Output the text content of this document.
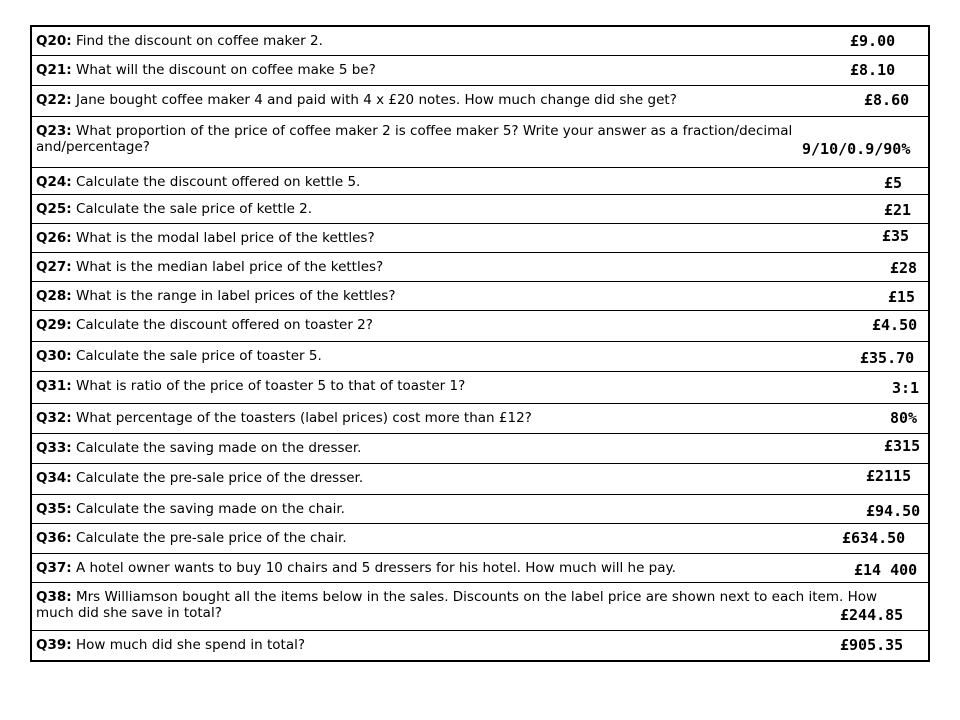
Q20: Find the discount on coffee maker 2.	£9.00
Q21: What will the discount on coffee make 5 be?	£8.10
Q22: Jane bought coffee maker 4 and paid with 4 x £20 notes. How much change did she get?	£8.60
Q23: What proportion of the price of coffee maker 2 is coffee maker 5? Write your answer as a fraction/decimal and/percentage?	9/10/0.9/90%
Q24: Calculate the discount offered on kettle 5.	£5
Q25: Calculate the sale price of kettle 2.	£21
Q26: What is the modal label price of the kettles?	£35
Q27: What is the median label price of the kettles?	£28
Q28: What is the range in label prices of the kettles?	£15
Q29: Calculate the discount offered on toaster 2?	£4.50
Q30: Calculate the sale price of toaster 5.	£35.70
Q31: What is ratio of the price of toaster 5 to that of toaster 1?	3:1
Q32: What percentage of the toasters (label prices) cost more than £12?	80%
Q33: Calculate the saving made on the dresser.	£315
Q34: Calculate the pre-sale price of the dresser.	£2115
Q35: Calculate the saving made on the chair.	£94.50
Q36: Calculate the pre-sale price of the chair.	£634.50
Q37: A hotel owner wants to buy 10 chairs and 5 dressers for his hotel. How much will he pay.	£14 400
Q38: Mrs Williamson bought all the items below in the sales. Discounts on the label price are shown next to each item. How much did she save in total?	£244.85
Q39: How much did she spend in total?	£905.35
